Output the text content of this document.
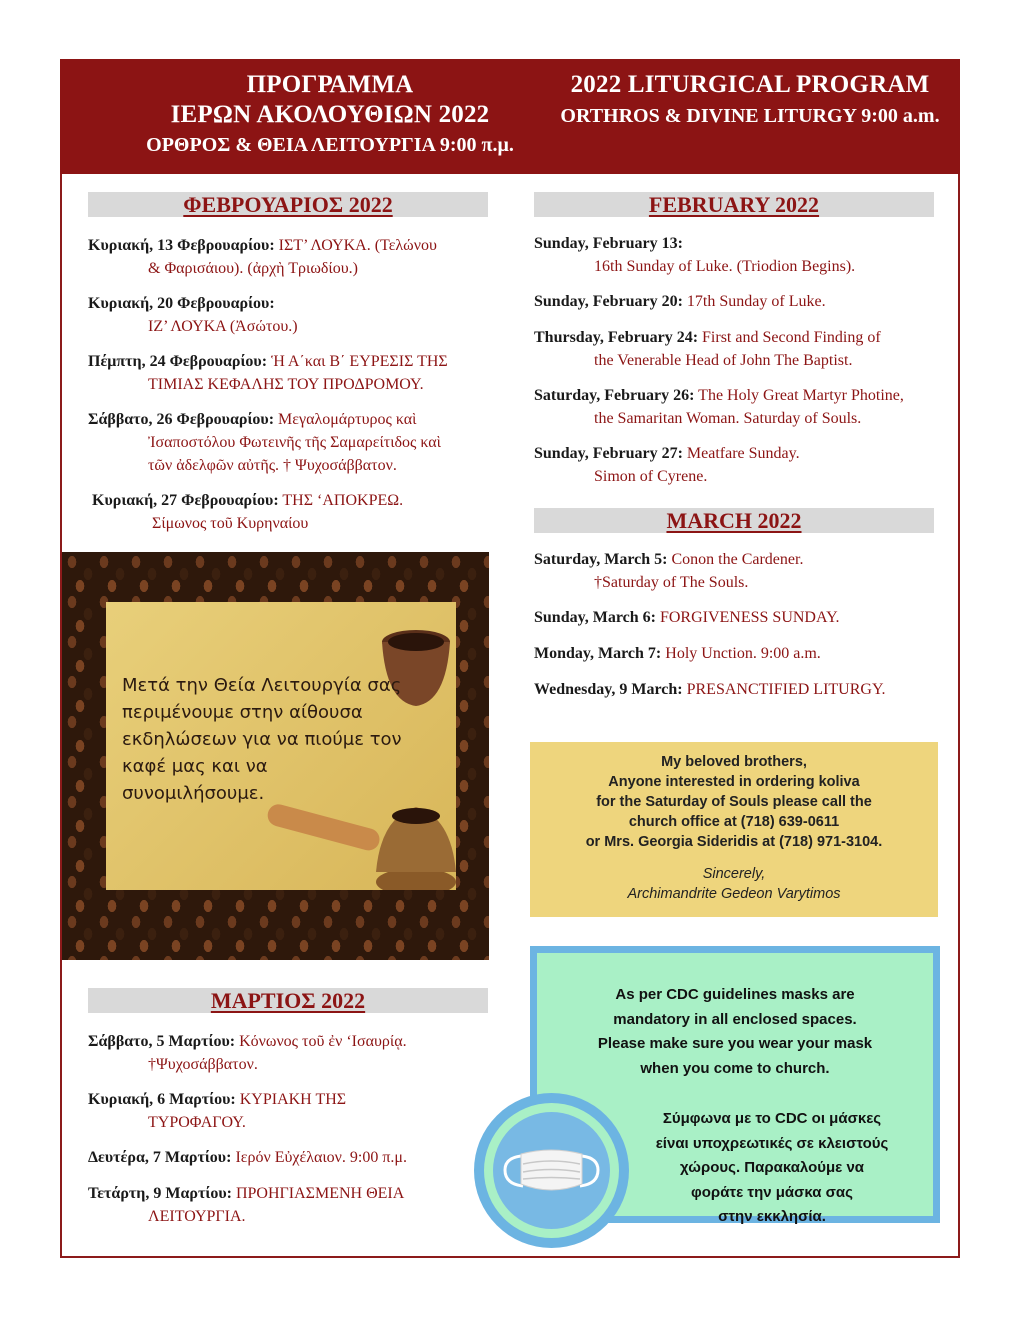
ΠΡΟΓΡΑΜΜΑ
ΙΕΡΩΝ ΑΚΟΛΟΥΘΙΩΝ 2022
ΟΡΘΡΟΣ & ΘΕΙΑ ΛΕΙΤΟΥΡΓΙΑ 9:00 π.μ.
2022 LITURGICAL PROGRAM
ORTHROS & DIVINE LITURGY 9:00 a.m.
ΦΕΒΡΟΥΑΡΙΟΣ 2022
Κυριακή, 13 Φεβρουαρίου: ΙΣΤ’ ΛΟΥΚΑ. (Τελώνου
& Φαρισάιου). (ἀρχὴ Τριωδίου.)
Κυριακή, 20 Φεβρουαρίου:
ΙΖ’ ΛΟΥΚΑ (Ἀσώτου.)
Πέμπτη, 24 Φεβρουαρίου: Ἡ Α΄και Β΄ ΕΥΡΕΣΙΣ ΤΗΣ
ΤΙΜΙΑΣ ΚΕΦΑΛΗΣ ΤΟΥ ΠΡΟΔΡΟΜΟΥ.
Σάββατο, 26 Φεβρουαρίου: Μεγαλομάρτυρος καὶ
Ἰσαποστόλου Φωτεινῆς τῆς Σαμαρείτιδος καὶ
τῶν ἀδελφῶν αὐτῆς. † Ψυχοσάββατον.
Κυριακή, 27 Φεβρουαρίου: ΤΗΣ ‘ΑΠΟΚΡΕΩ.
Σίμωνος τοῦ Κυρηναίου
Μετά την Θεία Λειτουργία σας περιμένουμε στην αίθουσα εκδηλώσεων για να πιούμε τον καφέ μας και να συνομιλήσουμε.
ΜΑΡΤΙΟΣ 2022
Σάββατο, 5 Μαρτίου: Κόνωνος τοῦ ἐν ‘Ισαυρίᾳ.
†Ψυχοσάββατον.
Κυριακή, 6 Μαρτίου: ΚΥΡΙΑΚΗ ΤΗΣ
ΤΥΡΟΦΑΓΟΥ.
Δευτέρα, 7 Μαρτίου: Ιερόν Εὐχέλαιον. 9:00 π.μ.
Τετάρτη, 9 Μαρτίου: ΠΡΟΗΓΙΑΣΜΕΝΗ ΘΕΙΑ
ΛΕΙΤΟΥΡΓΙΑ.
FEBRUARY 2022
Sunday, February 13:
16th Sunday of Luke. (Triodion Begins).
Sunday, February 20: 17th Sunday of Luke.
Thursday, February 24: First and Second Finding of
the Venerable Head of John The Baptist.
Saturday, February 26: The Holy Great Martyr Photine,
the Samaritan Woman. Saturday of Souls.
Sunday, February 27: Meatfare Sunday.
Simon of Cyrene.
MARCH 2022
Saturday, March 5: Conon the Cardener.
†Saturday of The Souls.
Sunday, March 6: FORGIVENESS SUNDAY.
Monday, March 7: Holy Unction. 9:00 a.m.
Wednesday, 9 March: PRESANCTIFIED LITURGY.
My beloved brothers,
Anyone interested in ordering koliva
for the Saturday of Souls please call the
church office at (718) 639-0611
or Mrs. Georgia Sideridis at (718) 971-3104.
Sincerely,
Archimandrite Gedeon Varytimos
As per CDC guidelines masks are
mandatory in all enclosed spaces.
Please make sure you wear your mask
when you come to church.
Σύμφωνα με το CDC οι μάσκες
είναι υποχρεωτικές σε κλειστούς
χώρους. Παρακαλούμε να
φοράτε την μάσκα σας
στην εκκλησία.
